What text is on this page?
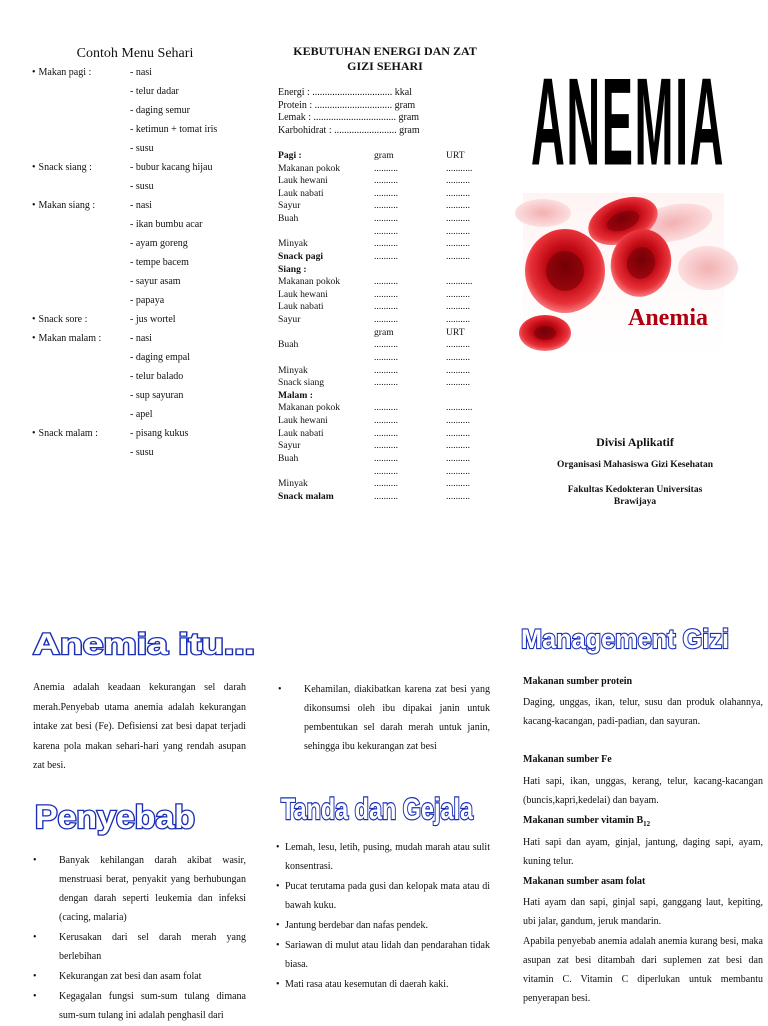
Contoh Menu Sehari
• Makan pagi :	- nasi
- telur dadar
- daging semur
- ketimun + tomat iris
- susu
• Snack siang :	- bubur kacang hijau
- susu
• Makan siang :	- nasi
- ikan bumbu acar
- ayam goreng
- tempe bacem
- sayur asam
- papaya
• Snack sore :	- jus wortel
• Makan malam :	- nasi
- daging empal
- telur balado
- sup sayuran
- apel
• Snack malam :	- pisang kukus
- susu
KEBUTUHAN ENERGI DAN ZAT
GIZI SEHARI
Energi : ................................ kkal
Protein : ............................... gram
Lemak : ................................. gram
Karbohidrat : ......................... gram
Pagi :	gram	URT
Makanan pokok	..........	...........
Lauk hewani	..........	..........
Lauk nabati	..........	..........
Sayur	..........	..........
Buah	..........	..........
..........	..........
Minyak	..........	..........
Snack pagi	..........	..........
Siang :
Makanan pokok	..........	...........
Lauk hewani	..........	..........
Lauk nabati	..........	..........
Sayur	..........	..........
gram	URT
Buah	..........	..........
..........	..........
Minyak	..........	..........
Snack siang	..........	..........
Malam :
Makanan pokok	..........	...........
Lauk hewani	..........	..........
Lauk nabati	..........	..........
Sayur	..........	..........
Buah	..........	..........
..........	..........
Minyak	..........	..........
Snack malam	..........	..........
ANEMIA
Anemia
Divisi Aplikatif
Organisasi Mahasiswa Gizi Kesehatan
Fakultas Kedokteran Universitas
Brawijaya
Anemia itu...
Penyebab	Tanda dan Gejala
Management Gizi
Anemia adalah keadaan kekurangan sel darah merah.Penyebab utama anemia adalah kekurangan intake zat besi (Fe). Defisiensi zat besi dapat terjadi karena pola makan sehari-hari yang rendah asupan zat besi.
• Banyak kehilangan darah akibat wasir, menstruasi berat, penyakit yang berhubungan dengan darah seperti leukemia dan infeksi (cacing, malaria)
• Kerusakan dari sel darah merah yang berlebihan
• Kekurangan zat besi dan asam folat
• Kegagalan fungsi sum-sum tulang dimana sum-sum tulang ini adalah penghasil dari
• Kehamilan, diakibatkan karena zat besi yang dikonsumsi oleh ibu dipakai janin untuk pembentukan sel darah merah untuk janin, sehingga ibu kekurangan zat besi
• Lemah, lesu, letih, pusing, mudah marah atau sulit konsentrasi.
• Pucat terutama pada gusi dan kelopak mata atau di bawah kuku.
• Jantung berdebar dan nafas pendek.
• Sariawan di mulut atau lidah dan pendarahan tidak biasa.
• Mati rasa atau kesemutan di daerah kaki.
Makanan sumber protein
Daging, unggas, ikan, telur, susu dan produk olahannya, kacang-kacangan, padi-padian, dan sayuran.
Makanan sumber Fe
Hati sapi, ikan, unggas, kerang, telur, kacang-kacangan (buncis,kapri,kedelai) dan bayam.
Makanan sumber vitamin $B_{12}$
Hati sapi dan ayam, ginjal, jantung, daging sapi, ayam, kuning telur.
Makanan sumber asam folat
Hati ayam dan sapi, ginjal sapi, ganggang laut, kepiting, ubi jalar, gandum, jeruk mandarin.
Apabila penyebab anemia adalah anemia kurang besi, maka asupan zat besi ditambah dari suplemen zat besi dan vitamin C. Vitamin C diperlukan untuk membantu penyerapan besi.
